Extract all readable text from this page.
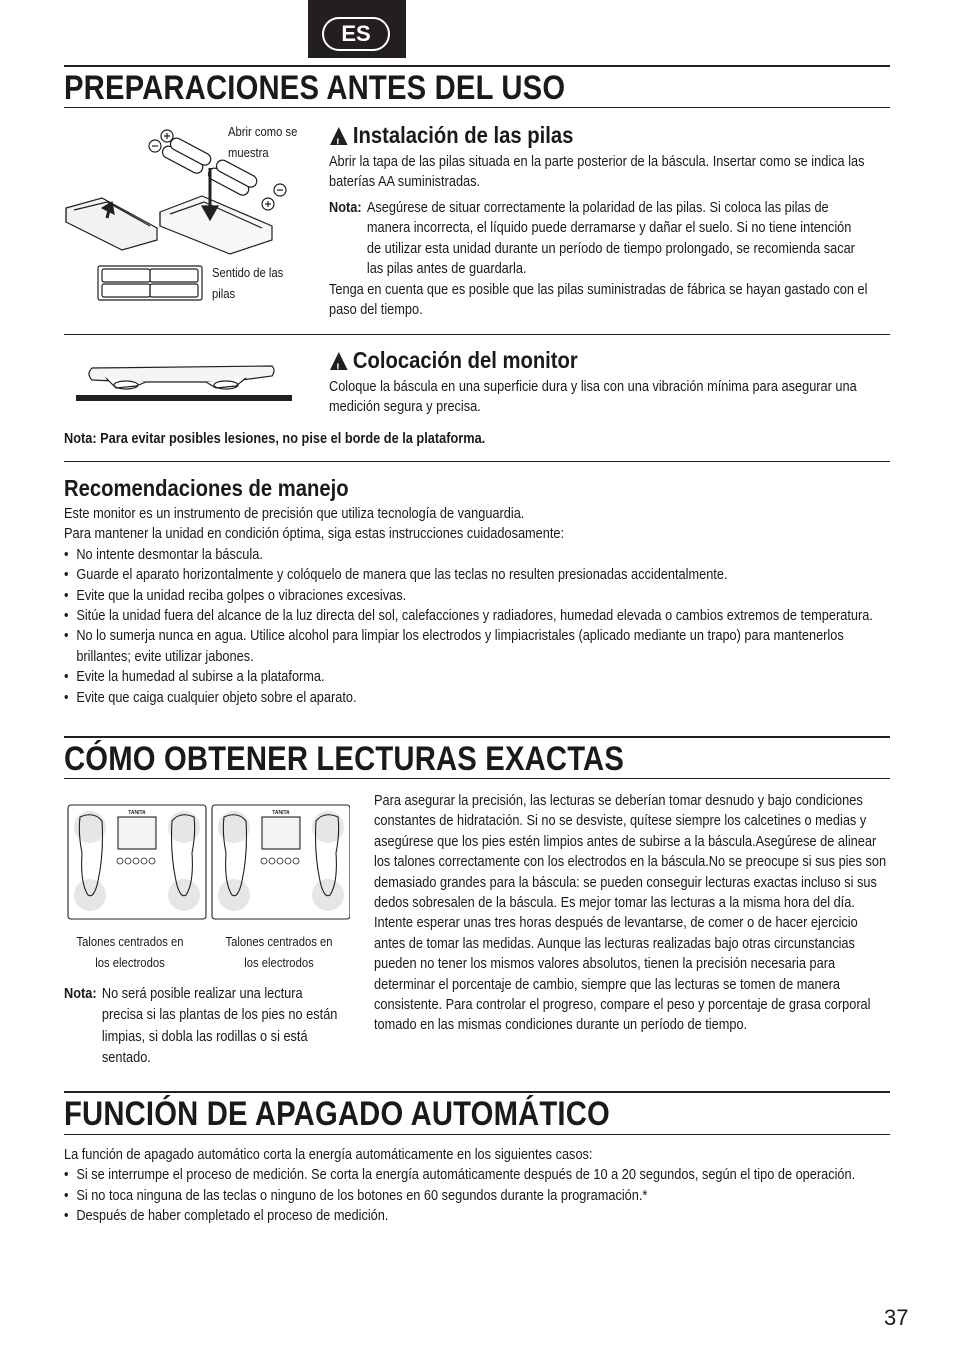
ES
PREPARACIONES ANTES DEL USO
Abrir como se muestra
Sentido de las pilas
!Instalación de las pilas
Abrir la tapa de las pilas situada en la parte posterior de la báscula. Insertar como se indica las baterías AA suministradas.
Nota: Asegúrese de situar correctamente la polaridad de las pilas. Si coloca las pilas de manera incorrecta, el líquido puede derramarse y dañar el suelo. Si no tiene intención de utilizar esta unidad durante un período de tiempo prolongado, se recomienda sacar las pilas antes de guardarla.
Tenga en cuenta que es posible que las pilas suministradas de fábrica se hayan gastado con el paso del tiempo.
!Colocación del monitor
Coloque la báscula en una superficie dura y lisa con una vibración mínima para asegurar una medición segura y precisa.
Nota: Para evitar posibles lesiones, no pise el borde de la plataforma.
Recomendaciones de manejo
Este monitor es un instrumento de precisión que utiliza tecnología de vanguardia.
Para mantener la unidad en condición óptima, siga estas instrucciones cuidadosamente:
• No intente desmontar la báscula.
• Guarde el aparato horizontalmente y colóquelo de manera que las teclas no resulten presionadas accidentalmente.
• Evite que la unidad reciba golpes o vibraciones excesivas.
• Sitúe la unidad fuera del alcance de la luz directa del sol, calefacciones y radiadores, humedad elevada o cambios extremos de temperatura.
• No lo sumerja nunca en agua. Utilice alcohol para limpiar los electrodos y limpiacristales (aplicado mediante un trapo) para mantenerlos brillantes; evite utilizar jabones.
• Evite la humedad al subirse a la plataforma.
• Evite que caiga cualquier objeto sobre el aparato.
CÓMO OBTENER LECTURAS EXACTAS
TANITA	TANITA
Talones centrados en los electrodos
Talones centrados en los electrodos
Nota: No será posible realizar una lectura precisa si las plantas de los pies no están limpias, si dobla las rodillas o si está sentado.
Para asegurar la precisión, las lecturas se deberían tomar desnudo y bajo condiciones constantes de hidratación. Si no se desviste, quítese siempre los calcetines o medias y asegúrese que los pies estén limpios antes de subirse a la báscula.Asegúrese de alinear los talones correctamente con los electrodos en la báscula.No se preocupe si sus pies son demasiado grandes para la báscula: se pueden conseguir lecturas exactas incluso si sus dedos sobresalen de la báscula. Es mejor tomar las lecturas a la misma hora del día. Intente esperar unas tres horas después de levantarse, de comer o de hacer ejercicio antes de tomar las medidas. Aunque las lecturas realizadas bajo otras circunstancias pueden no tener los mismos valores absolutos, tienen la precisión necesaria para determinar el porcentaje de cambio, siempre que las lecturas se tomen de manera consistente. Para controlar el progreso, compare el peso y porcentaje de grasa corporal tomado en las mismas condiciones durante un período de tiempo.
FUNCIÓN DE APAGADO AUTOMÁTICO
La función de apagado automático corta la energía automáticamente en los siguientes casos:
• Si se interrumpe el proceso de medición. Se corta la energía automáticamente después de 10 a 20 segundos, según el tipo de operación.
• Si no toca ninguna de las teclas o ninguno de los botones en 60 segundos durante la programación.*
• Después de haber completado el proceso de medición.
37
